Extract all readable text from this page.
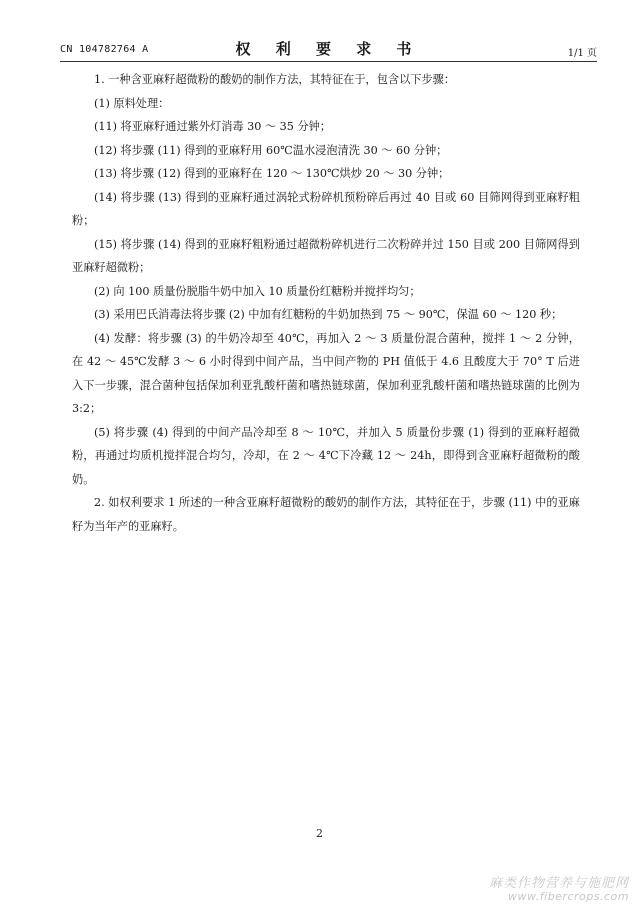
CN 104782764 A	权 利 要 求 书	1/1 页

1. 一种含亚麻籽超微粉的酸奶的制作方法，其特征在于，包含以下步骤：

(1) 原料处理：

(11) 将亚麻籽通过紫外灯消毒 30 ～ 35 分钟；

(12) 将步骤 (11) 得到的亚麻籽用 60℃温水浸泡清洗 30 ～ 60 分钟；

(13) 将步骤 (12) 得到的亚麻籽在 120 ～ 130℃烘炒 20 ～ 30 分钟；

(14) 将步骤 (13) 得到的亚麻籽通过涡轮式粉碎机预粉碎后再过 40 目或 60 目筛网得到亚麻籽粗粉；

(15) 将步骤 (14) 得到的亚麻籽粗粉通过超微粉碎机进行二次粉碎并过 150 目或 200 目筛网得到亚麻籽超微粉；

(2) 向 100 质量份脱脂牛奶中加入 10 质量份红糖粉并搅拌均匀；

(3) 采用巴氏消毒法将步骤 (2) 中加有红糖粉的牛奶加热到 75 ～ 90℃，保温 60 ～ 120 秒；

(4) 发酵：将步骤 (3) 的牛奶冷却至 40℃，再加入 2 ～ 3 质量份混合菌种，搅拌 1 ～ 2 分钟，在 42 ～ 45℃发酵 3 ～ 6 小时得到中间产品，当中间产物的 PH 值低于 4.6 且酸度大于 70° T 后进入下一步骤，混合菌种包括保加利亚乳酸杆菌和嗜热链球菌，保加利亚乳酸杆菌和嗜热链球菌的比例为 3:2；

(5) 将步骤 (4) 得到的中间产品冷却至 8 ～ 10℃，并加入 5 质量份步骤 (1) 得到的亚麻籽超微粉，再通过均质机搅拌混合均匀，冷却，在 2 ～ 4℃下冷藏 12 ～ 24h，即得到含亚麻籽超微粉的酸奶。

2. 如权利要求 1 所述的一种含亚麻籽超微粉的酸奶的制作方法，其特征在于，步骤 (11) 中的亚麻籽为当年产的亚麻籽。

2
麻类作物营养与施肥网
www.fibercrops.com
